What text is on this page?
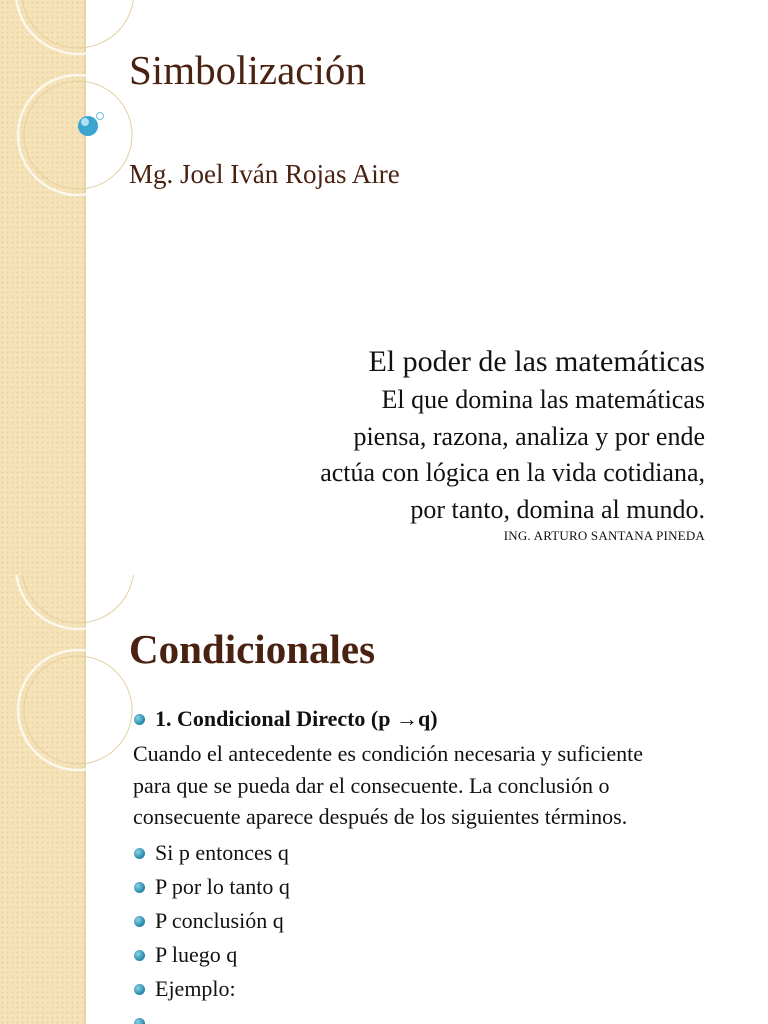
Simbolización
Mg. Joel Iván Rojas Aire
El poder de las matemáticas
El que domina las matemáticas
piensa, razona, analiza y por ende
actúa con lógica en la vida cotidiana,
por tanto, domina al mundo.
ING. ARTURO SANTANA PINEDA
Condicionales
1. Condicional Directo (p →q)
Cuando el antecedente es condición necesaria y suficiente
para que se pueda dar el consecuente. La conclusión o
consecuente aparece después de los siguientes términos.
Si p entonces q
P por lo tanto q
P conclusión q
P luego q
Ejemplo:
